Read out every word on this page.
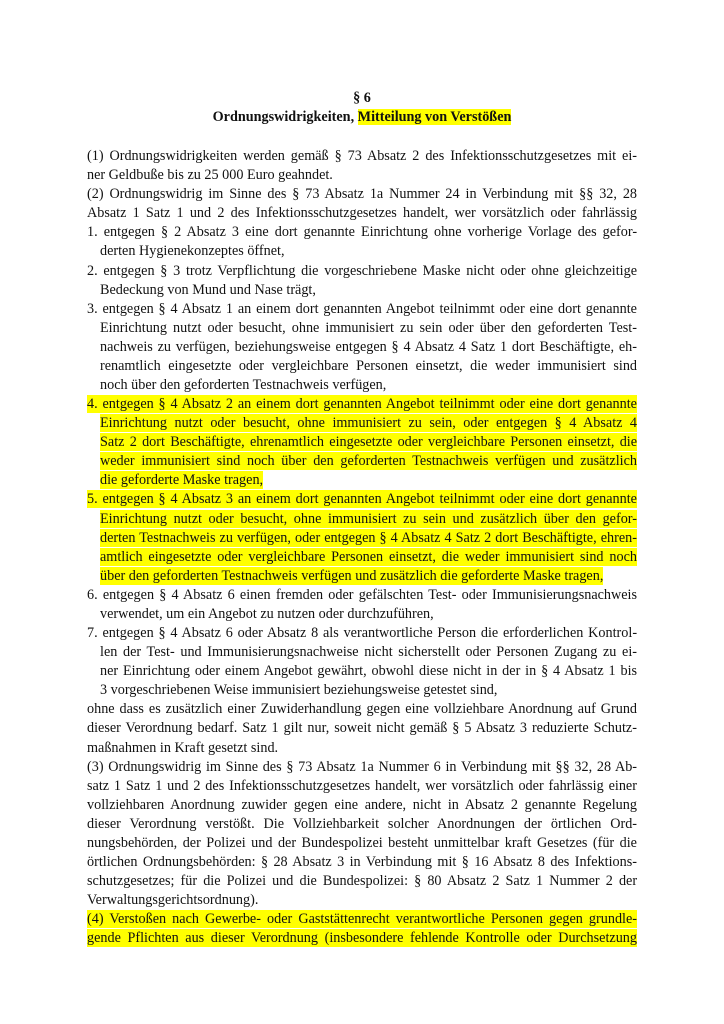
§ 6
Ordnungswidrigkeiten, Mitteilung von Verstößen
(1) Ordnungswidrigkeiten werden gemäß § 73 Absatz 2 des Infektionsschutzgesetzes mit ei-
ner Geldbuße bis zu 25 000 Euro geahndet.
(2) Ordnungswidrig im Sinne des § 73 Absatz 1a Nummer 24 in Verbindung mit §§ 32, 28
Absatz 1 Satz 1 und 2 des Infektionsschutzgesetzes handelt, wer vorsätzlich oder fahrlässig
1. entgegen § 2 Absatz 3 eine dort genannte Einrichtung ohne vorherige Vorlage des gefor-
derten Hygienekonzeptes öffnet,
2. entgegen § 3 trotz Verpflichtung die vorgeschriebene Maske nicht oder ohne gleichzeitige
Bedeckung von Mund und Nase trägt,
3. entgegen § 4 Absatz 1 an einem dort genannten Angebot teilnimmt oder eine dort genannte
Einrichtung nutzt oder besucht, ohne immunisiert zu sein oder über den geforderten Test-
nachweis zu verfügen, beziehungsweise entgegen § 4 Absatz 4 Satz 1 dort Beschäftigte, eh-
renamtlich eingesetzte oder vergleichbare Personen einsetzt, die weder immunisiert sind
noch über den geforderten Testnachweis verfügen,
4. entgegen § 4 Absatz 2 an einem dort genannten Angebot teilnimmt oder eine dort genannte
Einrichtung nutzt oder besucht, ohne immunisiert zu sein, oder entgegen § 4 Absatz 4
Satz 2 dort Beschäftigte, ehrenamtlich eingesetzte oder vergleichbare Personen einsetzt, die
weder immunisiert sind noch über den geforderten Testnachweis verfügen und zusätzlich
die geforderte Maske tragen,
5. entgegen § 4 Absatz 3 an einem dort genannten Angebot teilnimmt oder eine dort genannte
Einrichtung nutzt oder besucht, ohne immunisiert zu sein und zusätzlich über den gefor-
derten Testnachweis zu verfügen, oder entgegen § 4 Absatz 4 Satz 2 dort Beschäftigte, ehren-
amtlich eingesetzte oder vergleichbare Personen einsetzt, die weder immunisiert sind noch
über den geforderten Testnachweis verfügen und zusätzlich die geforderte Maske tragen,
6. entgegen § 4 Absatz 6 einen fremden oder gefälschten Test- oder Immunisierungsnachweis
verwendet, um ein Angebot zu nutzen oder durchzuführen,
7. entgegen § 4 Absatz 6 oder Absatz 8 als verantwortliche Person die erforderlichen Kontrol-
len der Test- und Immunisierungsnachweise nicht sicherstellt oder Personen Zugang zu ei-
ner Einrichtung oder einem Angebot gewährt, obwohl diese nicht in der in § 4 Absatz 1 bis
3 vorgeschriebenen Weise immunisiert beziehungsweise getestet sind,
ohne dass es zusätzlich einer Zuwiderhandlung gegen eine vollziehbare Anordnung auf Grund
dieser Verordnung bedarf. Satz 1 gilt nur, soweit nicht gemäß § 5 Absatz 3 reduzierte Schutz-
maßnahmen in Kraft gesetzt sind.
(3) Ordnungswidrig im Sinne des § 73 Absatz 1a Nummer 6 in Verbindung mit §§ 32, 28 Ab-
satz 1 Satz 1 und 2 des Infektionsschutzgesetzes handelt, wer vorsätzlich oder fahrlässig einer
vollziehbaren Anordnung zuwider gegen eine andere, nicht in Absatz 2 genannte Regelung
dieser Verordnung verstößt. Die Vollziehbarkeit solcher Anordnungen der örtlichen Ord-
nungsbehörden, der Polizei und der Bundespolizei besteht unmittelbar kraft Gesetzes (für die
örtlichen Ordnungsbehörden: § 28 Absatz 3 in Verbindung mit § 16 Absatz 8 des Infektions-
schutzgesetzes; für die Polizei und die Bundespolizei: § 80 Absatz 2 Satz 1 Nummer 2 der
Verwaltungsgerichtsordnung).
(4) Verstoßen nach Gewerbe- oder Gaststättenrecht verantwortliche Personen gegen grundle-
gende Pflichten aus dieser Verordnung (insbesondere fehlende Kontrolle oder Durchsetzung
